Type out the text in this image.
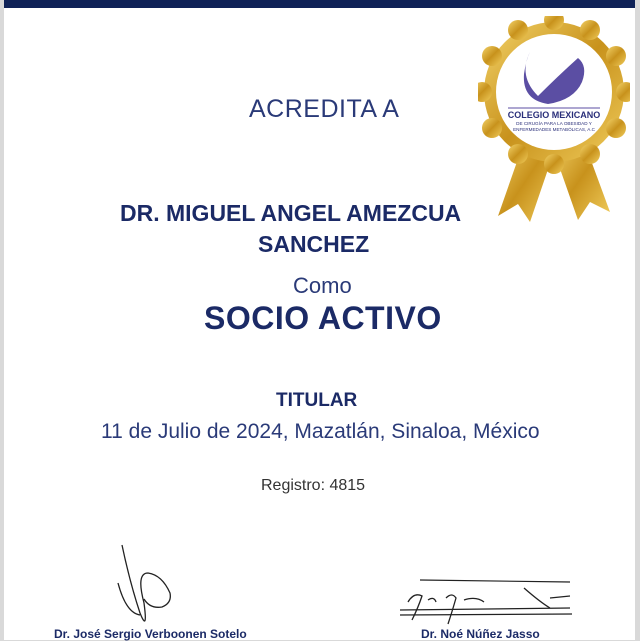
ACREDITA A
DR. MIGUEL ANGEL AMEZCUA
SANCHEZ
Como
SOCIO ACTIVO
TITULAR
11 de Julio de 2024, Mazatlán, Sinaloa, México
Registro: 4815
COLEGIO MEXICANO
DE CIRUGÍA PARA LA OBESIDAD Y
ENFERMEDADES METABÓLICAS, A.C
Dr. José Sergio Verboonen Sotelo	Dr. Noé Núñez Jasso
